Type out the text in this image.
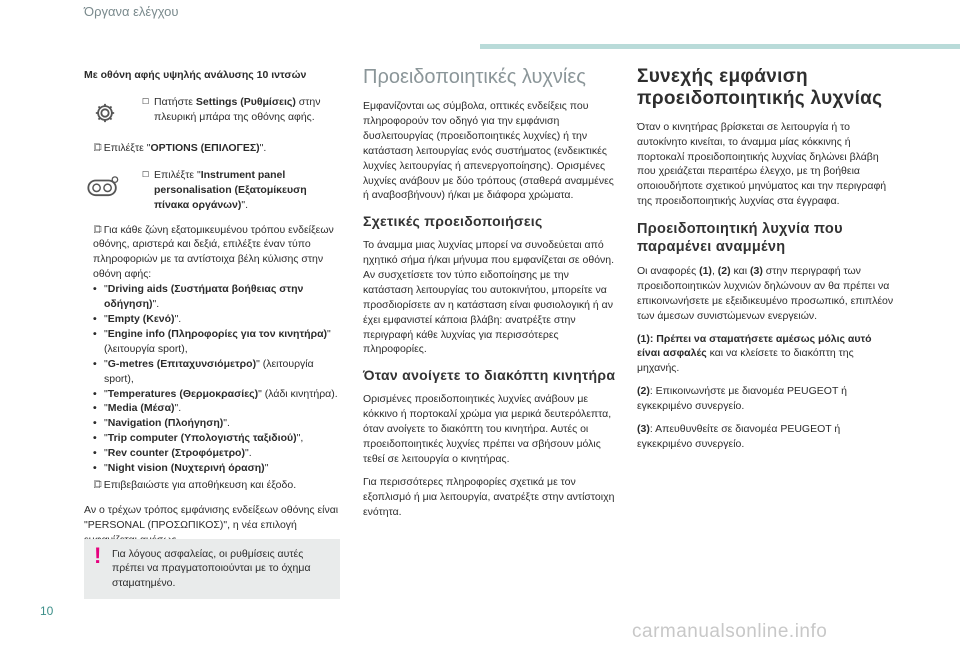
Όργανα ελέγχου
Με οθόνη αφής υψηλής ανάλυσης 10 ιντσών
☐ Πατήστε Settings (Ρυθμίσεις) στην πλευρική μπάρα της οθόνης αφής.
☐ Επιλέξτε "OPTIONS (ΕΠΙΛΟΓΕΣ)".
☐ Επιλέξτε "Instrument panel personalisation (Εξατομίκευση πίνακα οργάνων)".
☐ Για κάθε ζώνη εξατομικευμένου τρόπου ενδείξεων οθόνης, αριστερά και δεξιά, επιλέξτε έναν τύπο πληροφοριών με τα αντίστοιχα βέλη κύλισης στην οθόνη αφής:
• "Driving aids (Συστήματα βοήθειας στην οδήγηση)".
• "Empty (Κενό)".
• "Engine info (Πληροφορίες για τον κινητήρα)" (λειτουργία sport),
• "G-metres (Επιταχυνσιόμετρο)" (λειτουργία sport),
• "Temperatures (Θερμοκρασίες)" (λάδι κινητήρα).
• "Media (Μέσα)".
• "Navigation (Πλοήγηση)".
• "Trip computer (Υπολογιστής ταξιδιού)",
• "Rev counter (Στροφόμετρο)".
• "Night vision (Νυχτερινή όραση)"
☐ Επιβεβαιώστε για αποθήκευση και έξοδο.

Αν ο τρέχων τρόπος εμφάνισης ενδείξεων οθόνης είναι "PERSONAL (ΠΡΟΣΩΠΙΚΟΣ)", η νέα επιλογή

! Για λόγους ασφαλείας, οι ρυθμίσεις αυτές πρέπει να πραγματοποιούνται με το όχημα σταματημένο.
Προειδοποιητικές λυχνίες

Εμφανίζονται ως σύμβολα, οπτικές ενδείξεις που πληροφορούν τον οδηγό για την εμφάνιση δυσλειτουργίας (προειδοποιητικές λυχνίες) ή την κατάσταση λειτουργίας ενός συστήματος (ενδεικτικές λυχνίες λειτουργίας ή απενεργοποίησης). Ορισμένες λυχνίες ανάβουν με δύο τρόπους (σταθερά αναμμένες ή αναβοσβήνουν) ή/και με διάφορα χρώματα.

Σχετικές προειδοποιήσεις

Το άναμμα μιας λυχνίας μπορεί να συνοδεύεται από ηχητικό σήμα ή/και μήνυμα που εμφανίζεται σε οθόνη. Αν συσχετίσετε τον τύπο ειδοποίησης με την κατάσταση λειτουργίας του αυτοκινήτου, μπορείτε να προσδιορίσετε αν η κατάσταση είναι φυσιολογική ή αν έχει εμφανιστεί κάποια βλάβη: ανατρέξτε στην περιγραφή κάθε λυχνίας για περισσότερες πληροφορίες.

Όταν ανοίγετε το διακόπτη κινητήρα

Ορισμένες προειδοποιητικές λυχνίες ανάβουν με κόκκινο ή πορτοκαλί χρώμα για μερικά δευτερόλεπτα, όταν ανοίγετε το διακόπτη του κινητήρα. Αυτές οι προειδοποιητικές λυχνίες πρέπει να σβήσουν μόλις τεθεί σε λειτουργία ο κινητήρας.

Για περισσότερες πληροφορίες σχετικά με τον εξοπλισμό ή μια λειτουργία, ανατρέξτε στην αντίστοιχη ενότητα.

Συνεχής εμφάνιση προειδοποιητικής λυχνίας

Όταν ο κινητήρας βρίσκεται σε λειτουργία ή το αυτοκίνητο κινείται, το άναμμα μίας κόκκινης ή πορτοκαλί προειδοποιητικής λυχνίας δηλώνει βλάβη που χρειάζεται περαιτέρω έλεγχο, με τη βοήθεια οποιουδήποτε σχετικού μηνύματος και την περιγραφή της προειδοποιητικής λυχνίας στα έγγραφα.

Προειδοποιητική λυχνία που παραμένει αναμμένη

Οι αναφορές (1), (2) και (3) στην περιγραφή των προειδοποιητικών λυχνιών δηλώνουν αν θα πρέπει να επικοινωνήσετε με εξειδικευμένο προσωπικό, επιπλέον των άμεσων συνιστώμενων ενεργειών.

(1): Πρέπει να σταματήσετε αμέσως μόλις αυτό είναι ασφαλές και να κλείσετε το διακόπτη της μηχανής.

(2): Επικοινωνήστε με διανομέα PEUGEOT ή εγκεκριμένο συνεργείο.

(3): Απευθυνθείτε σε διανομέα PEUGEOT ή εγκεκριμένο συνεργείο.

10
carmanualsonline.info
